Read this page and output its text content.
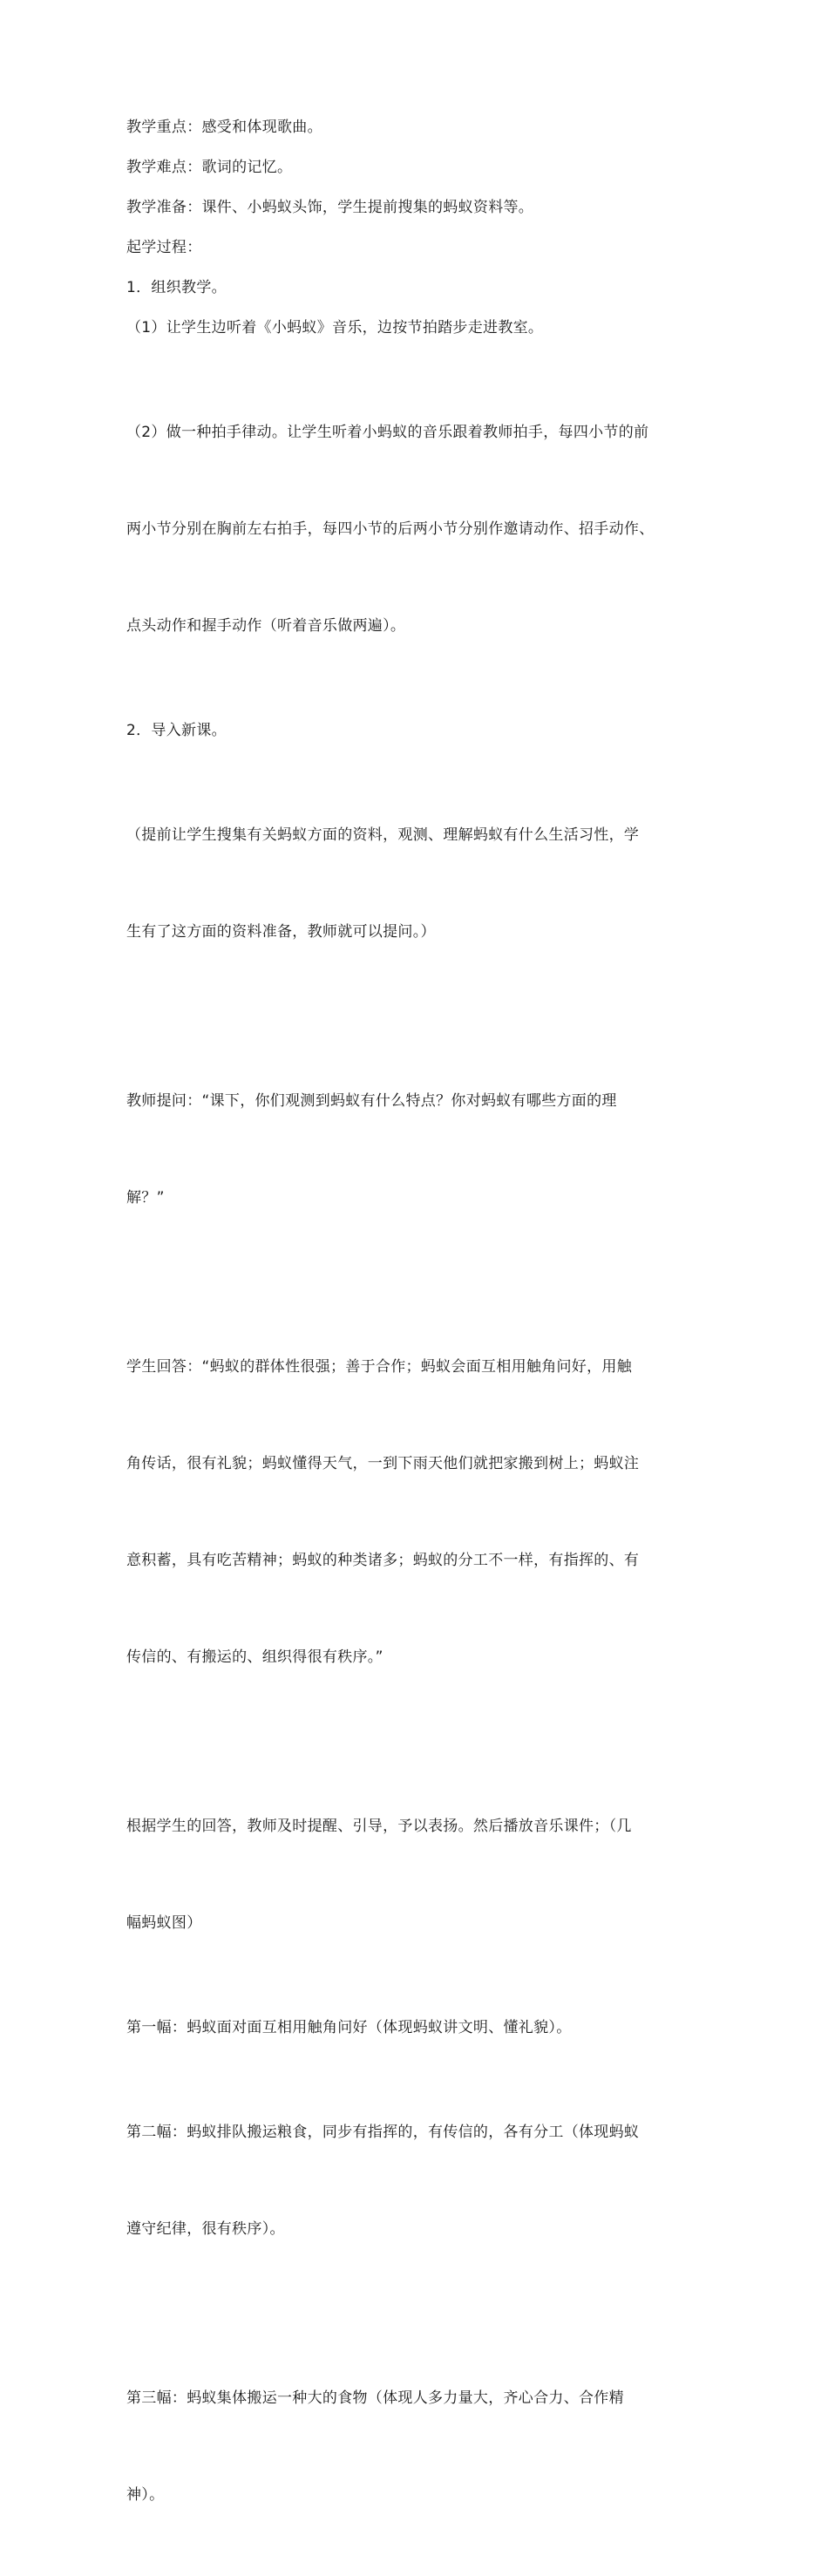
教学重点：感受和体现歌曲。

教学难点：歌词的记忆。

教学准备：课件、小蚂蚁头饰，学生提前搜集的蚂蚁资料等。

起学过程：

1．组织教学。

（1）让学生边听着《小蚂蚁》音乐，边按节拍踏步走进教室。

（2）做一种拍手律动。让学生听着小蚂蚁的音乐跟着教师拍手，每四小节的前

两小节分别在胸前左右拍手，每四小节的后两小节分别作邀请动作、招手动作、

点头动作和握手动作（听着音乐做两遍）。

2．导入新课。

（提前让学生搜集有关蚂蚁方面的资料，观测、理解蚂蚁有什么生活习性，学

生有了这方面的资料准备，教师就可以提问。）

教师提问：“课下，你们观测到蚂蚁有什么特点？你对蚂蚁有哪些方面的理

解？”

学生回答：“蚂蚁的群体性很强；善于合作；蚂蚁会面互相用触角问好，用触

角传话，很有礼貌；蚂蚁懂得天气，一到下雨天他们就把家搬到树上；蚂蚁注

意积蓄，具有吃苦精神；蚂蚁的种类诸多；蚂蚁的分工不一样，有指挥的、有

传信的、有搬运的、组织得很有秩序。”

根据学生的回答，教师及时提醒、引导，予以表扬。然后播放音乐课件；（几

幅蚂蚁图）

第一幅：蚂蚁面对面互相用触角问好（体现蚂蚁讲文明、懂礼貌）。

第二幅：蚂蚁排队搬运粮食，同步有指挥的，有传信的，各有分工（体现蚂蚁

遵守纪律，很有秩序）。

第三幅：蚂蚁集体搬运一种大的食物（体现人多力量大，齐心合力、合作精

神）。
